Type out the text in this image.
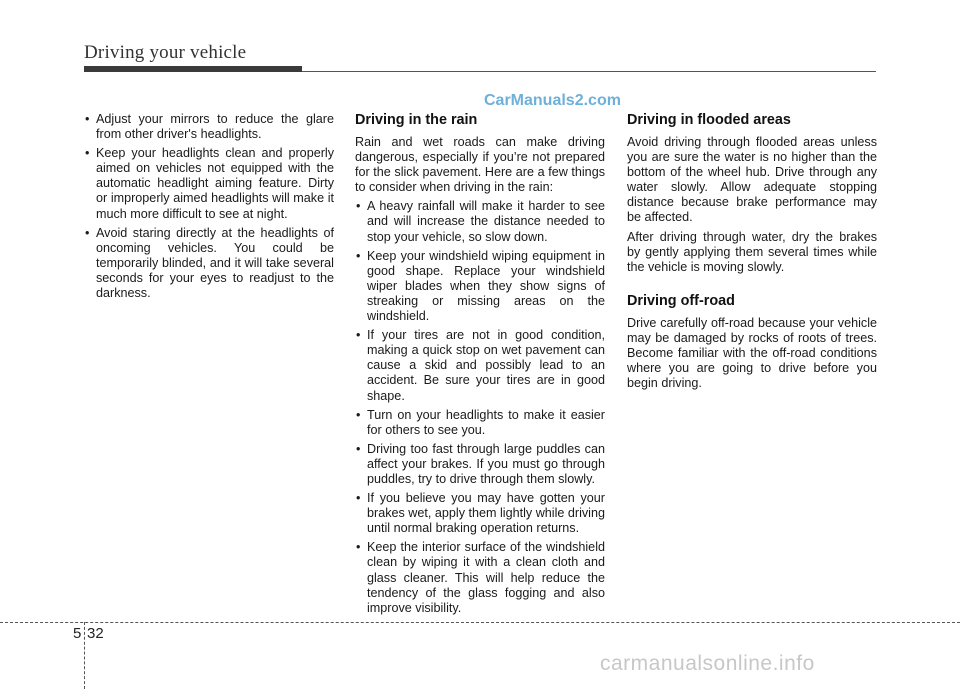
Driving your vehicle
CarManuals2.com
• Adjust your mirrors to reduce the glare from other driver's headlights.
• Keep your headlights clean and properly aimed on vehicles not equipped with the automatic headlight aiming feature. Dirty or improperly aimed headlights will make it much more difficult to see at night.
• Avoid staring directly at the headlights of oncoming vehicles. You could be temporarily blinded, and it will take several seconds for your eyes to readjust to the darkness.
Driving in the rain

Rain and wet roads can make driving dangerous, especially if you’re not prepared for the slick pavement. Here are a few things to consider when driving in the rain:

• A heavy rainfall will make it harder to see and will increase the distance needed to stop your vehicle, so slow down.
• Keep your windshield wiping equipment in good shape. Replace your windshield wiper blades when they show signs of streaking or missing areas on the windshield.
• If your tires are not in good condition, making a quick stop on wet pavement can cause a skid and possibly lead to an accident. Be sure your tires are in good shape.
• Turn on your headlights to make it easier for others to see you.
• Driving too fast through large puddles can affect your brakes. If you must go through puddles, try to drive through them slowly.
• If you believe you may have gotten your brakes wet, apply them lightly while driving until normal braking operation returns.
• Keep the interior surface of the windshield clean by wiping it with a clean cloth and glass cleaner. This will help reduce the tendency of the glass fogging and also improve visibility.
Driving in flooded areas

Avoid driving through flooded areas unless you are sure the water is no higher than the bottom of the wheel hub. Drive through any water slowly. Allow adequate stopping distance because brake performance may be affected.

After driving through water, dry the brakes by gently applying them several times while the vehicle is moving slowly.

Driving off-road

Drive carefully off-road because your vehicle may be damaged by rocks of roots of trees. Become familiar with the off-road conditions where you are going to drive before you begin driving.

5 32
carmanualsonline.info
